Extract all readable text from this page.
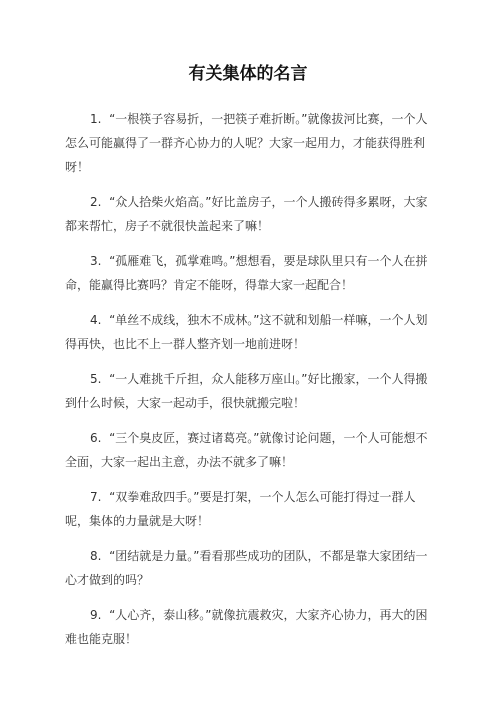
有关集体的名言

1. “一根筷子容易折，一把筷子难折断。”就像拔河比赛，一个人怎么可能赢得了一群齐心协力的人呢？大家一起用力，才能获得胜利呀！

2. “众人拾柴火焰高。”好比盖房子，一个人搬砖得多累呀，大家都来帮忙，房子不就很快盖起来了嘛！

3. “孤雁难飞，孤掌难鸣。”想想看，要是球队里只有一个人在拼命，能赢得比赛吗？肯定不能呀，得靠大家一起配合！

4. “单丝不成线，独木不成林。”这不就和划船一样嘛，一个人划得再快，也比不上一群人整齐划一地前进呀！

5. “一人难挑千斤担，众人能移万座山。”好比搬家，一个人得搬到什么时候，大家一起动手，很快就搬完啦！

6. “三个臭皮匠，赛过诸葛亮。”就像讨论问题，一个人可能想不全面，大家一起出主意，办法不就多了嘛！

7. “双拳难敌四手。”要是打架，一个人怎么可能打得过一群人呢，集体的力量就是大呀！

8. “团结就是力量。”看看那些成功的团队，不都是靠大家团结一心才做到的吗？

9. “人心齐，泰山移。”就像抗震救灾，大家齐心协力，再大的困难也能克服！
